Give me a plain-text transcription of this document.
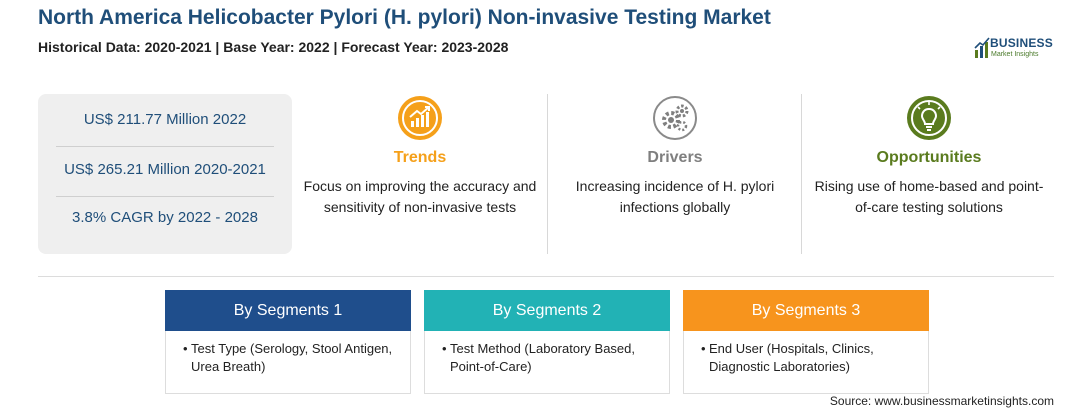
North America Helicobacter Pylori (H. pylori) Non-invasive Testing Market
Historical Data: 2020-2021 | Base Year: 2022 | Forecast Year: 2023-2028	BUSINESS
Market Insights
US$ 211.77 Million 2022
US$ 265.21 Million 2020-2021
3.8% CAGR by 2022 - 2028
Trends
Focus on improving the accuracy and sensitivity of non-invasive tests
Drivers
Increasing incidence of H. pylori infections globally
Opportunities
Rising use of home-based and point-of-care testing solutions
By Segments 1
• Test Type (Serology, Stool Antigen, Urea Breath)
By Segments 2
• Test Method (Laboratory Based, Point-of-Care)
By Segments 3
• End User (Hospitals, Clinics, Diagnostic Laboratories)
Source: www.businessmarketinsights.com
